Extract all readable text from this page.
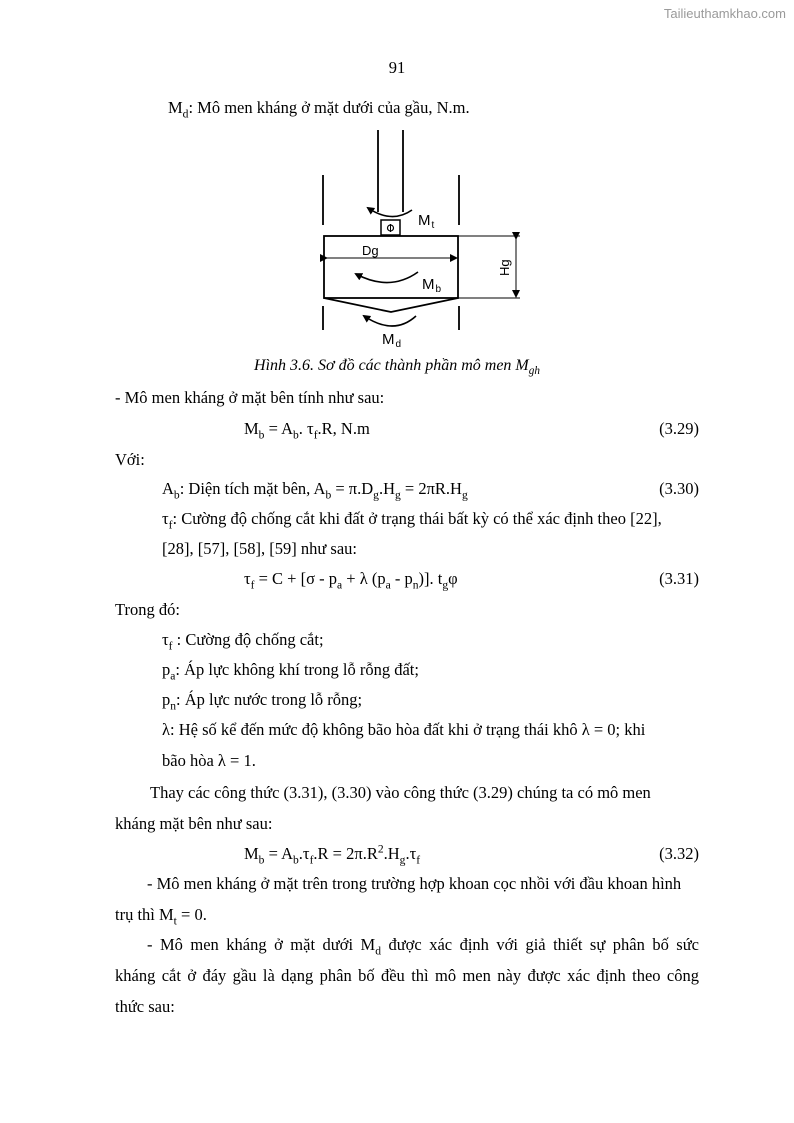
Tailieuthamkhao.com
91
$M_d$: Mô men kháng ở mặt dưới của gầu, N.m.
Dg
Hg
$M_t$
$M_b$
$M_d$
Hình 3.6. Sơ đồ các thành phần mô men $M_{gh}$
- Mô men kháng ở mặt bên tính như sau:
$M_b = A_b$. $\tau_f.R$, N.m	(3.29)
Với:
$A_b$: Diện tích mặt bên, $A_b = \pi.D_g.H_g = 2\pi R.H_g$	(3.30)
$\tau_f$: Cường độ chống cắt khi đất ở trạng thái bất kỳ có thể xác định theo [22],
[28], [57], [58], [59] như sau:
$\tau_f = C + [\sigma - p_a + \lambda$ $(p_a - p_n)$]. $t_g\varphi$	(3.31)
Trong đó:
$\tau_f$ : Cường độ chống cắt;
$p_a$: Áp lực không khí trong lỗ rỗng đất;
$p_n$: Áp lực nước trong lỗ rỗng;
λ: Hệ số kể đến mức độ không bão hòa đất khi ở trạng thái khô λ = 0; khi
bão hòa λ = 1.
Thay các công thức (3.31), (3.30) vào công thức (3.29) chúng ta có mô men
kháng mặt bên như sau:
$M_b = A_b.\tau_f.R = 2\pi.R^2.H_g.\tau_f$	(3.32)
- Mô men kháng ở mặt trên trong trường hợp khoan cọc nhồi với đầu khoan hình
trụ thì $M_t = 0$.
- Mô men kháng ở mặt dưới $M_d$ được xác định với giả thiết sự phân bố sức
kháng cắt ở đáy gầu là dạng phân bố đều thì mô men này được xác định theo công
thức sau:
